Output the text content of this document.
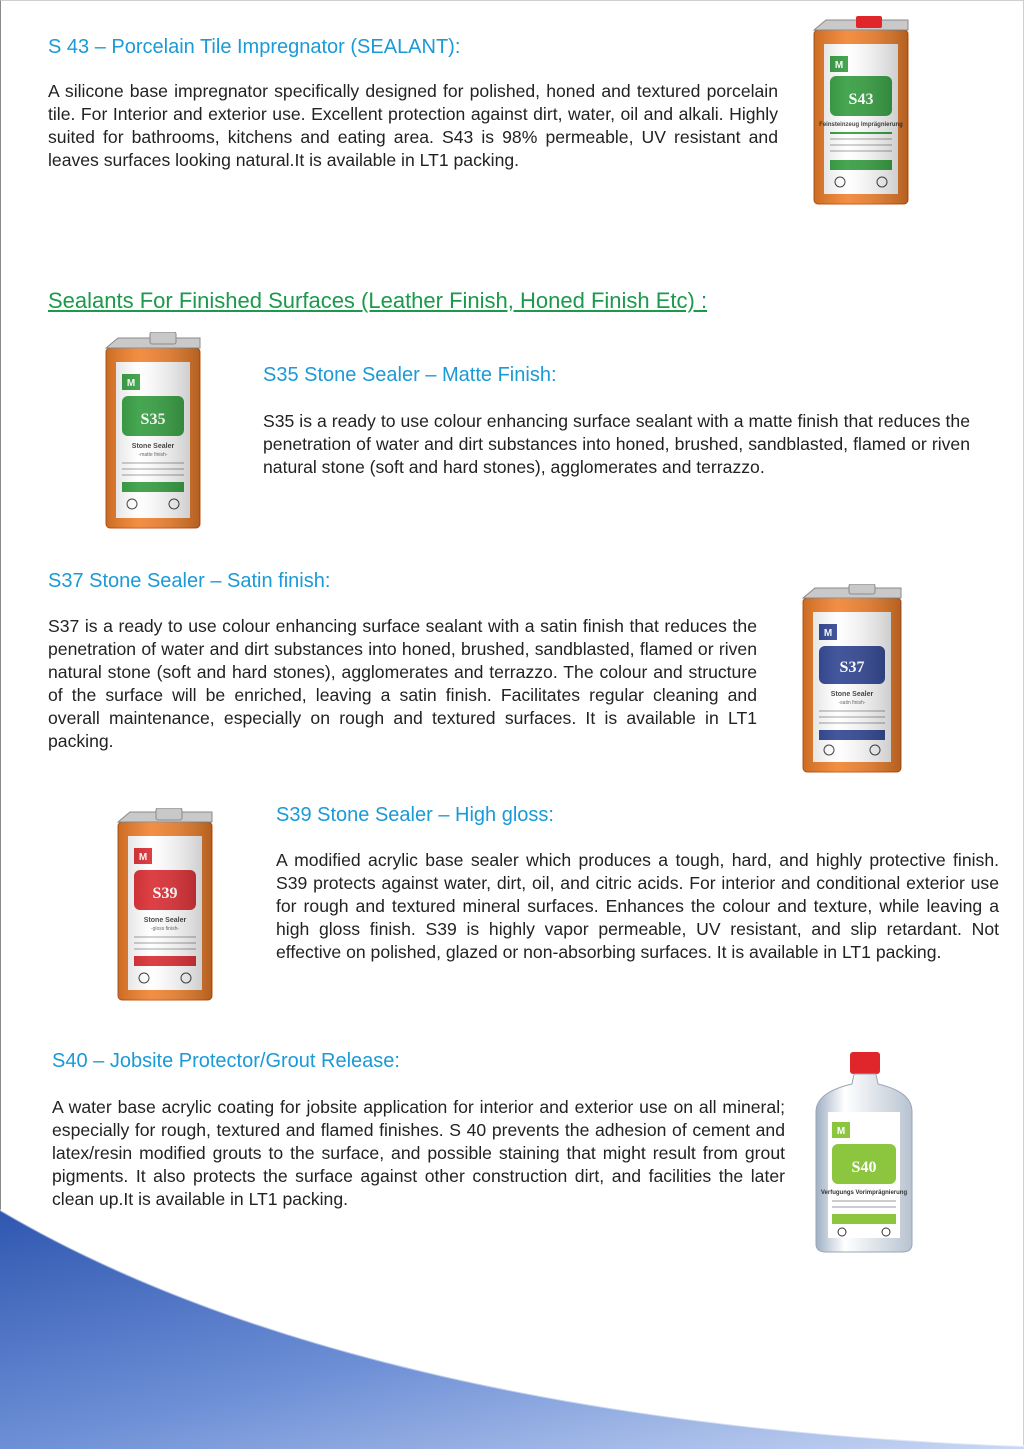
S 43 – Porcelain Tile Impregnator (SEALANT):

A silicone base impregnator specifically designed for polished, honed and textured porcelain tile. For Interior and exterior use. Excellent protection against dirt, water, oil and alkali. Highly suited for bathrooms, kitchens and eating area. S43 is 98% permeable, UV resistant and leaves surfaces looking natural.It is available in LT1 packing.

Sealants For Finished Surfaces (Leather Finish, Honed Finish Etc) :
S35 Stone Sealer – Matte Finish:

S35 is a ready to use colour enhancing surface sealant with a matte finish that reduces the penetration of water and dirt substances into honed, brushed, sandblasted, flamed or riven natural stone (soft and hard stones), agglomerates and terrazzo.

S37 Stone Sealer – Satin finish:

S37 is a ready to use colour enhancing surface sealant with a satin finish that reduces the penetration of water and dirt substances into honed, brushed, sandblasted, flamed or riven natural stone (soft and hard stones), agglomerates and terrazzo. The colour and structure of the surface will be enriched, leaving a satin finish. Facilitates regular cleaning and overall maintenance, especially on rough and textured surfaces. It is available in LT1 packing.

S39 Stone Sealer – High gloss:

A modified acrylic base sealer which produces a tough, hard, and highly protective finish. S39 protects against water, dirt, oil, and citric acids. For interior and conditional exterior use for rough and textured mineral surfaces. Enhances the colour and texture, while leaving a high gloss finish. S39 is highly vapor permeable, UV resistant, and slip retardant. Not effective on polished, glazed or non-absorbing surfaces. It is available in LT1 packing.

S40 – Jobsite Protector/Grout Release:

A water base acrylic coating for jobsite application for interior and exterior use on all mineral; especially for rough, textured and flamed finishes. S 40 prevents the adhesion of cement and latex/resin modified grouts to the surface, and possible staining that might result from grout pigments. It also protects the surface against other construction dirt, and facilities the later clean up.It is available in LT1 packing.

M
S40
Verfugungs Vorimprägnierung
